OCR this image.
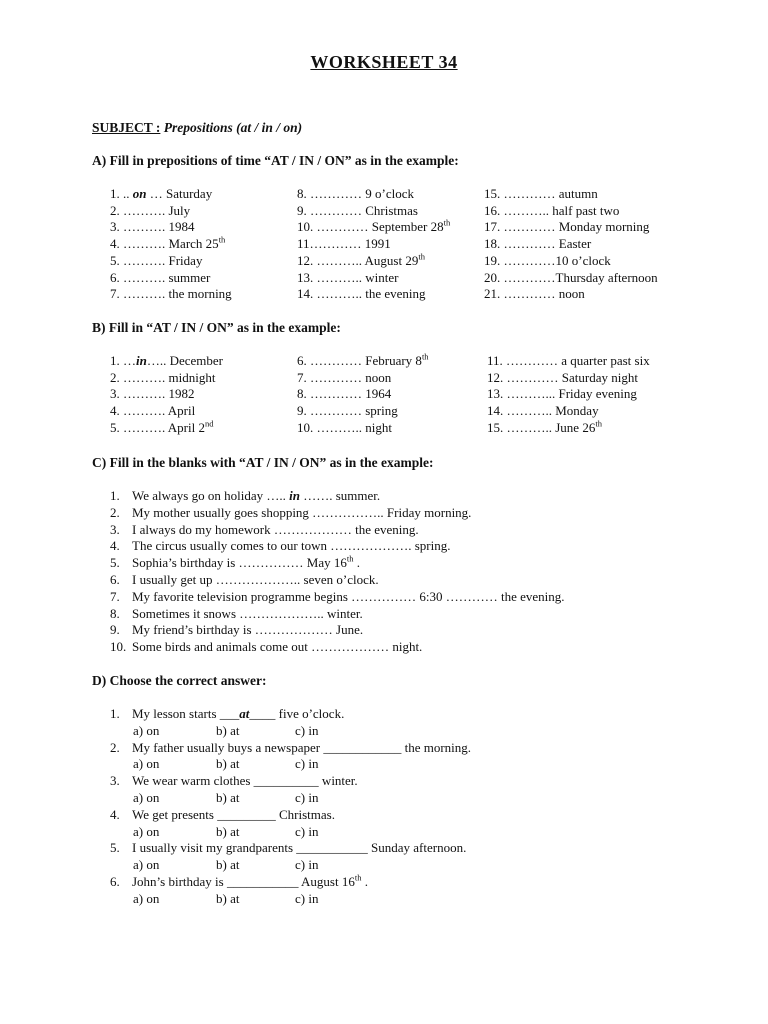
WORKSHEET 34
SUBJECT : Prepositions (at / in / on)
A) Fill in prepositions of time “AT / IN / ON” as in the example:
1. .. on … Saturday
2. ………. July
3. ………. 1984
4. ………. March 25th
5. ………. Friday
6. ………. summer
7. ………. the morning
8. ………… 9 o’clock
9. ………… Christmas
10. ………… September 28th
11………… 1991
12. ……….. August 29th
13. ……….. winter
14. ……….. the evening
15. ………… autumn
16. ……….. half past two
17. ………… Monday morning
18. ………… Easter
19. …………10 o’clock
20. …………Thursday afternoon
21. ………… noon
B) Fill in “AT / IN / ON” as in the example:
1. …in….. December
2. ………. midnight
3. ………. 1982
4. ………. April
5. ………. April 2nd
6. ………… February 8th
7. ………… noon
8. ………… 1964
9. ………… spring
10. ……….. night
11. ………… a quarter past six
12. ………… Saturday night
13. ………... Friday evening
14. ……….. Monday
15. ……….. June 26th
C) Fill in the blanks with “AT / IN / ON” as in the example:
1. We always go on holiday ….. in ……. summer.
2. My mother usually goes shopping …………….. Friday morning.
3. I always do my homework ……………… the evening.
4. The circus usually comes to our town ………………. spring.
5. Sophia’s birthday is …………… May 16th .
6. I usually get up ……………….. seven o’clock.
7. My favorite television programme begins …………… 6:30 ………… the evening.
8. Sometimes it snows ……………….. winter.
9. My friend’s birthday is ……………… June.
10. Some birds and animals come out ……………… night.
D) Choose the correct answer:
1. My lesson starts ___at____ five o’clock.
a) on	b) at	c) in
2. My father usually buys a newspaper ____________ the morning.
a) on	b) at	c) in
3. We wear warm clothes __________ winter.
a) on	b) at	c) in
4. We get presents _________ Christmas.
a) on	b) at	c) in
5. I usually visit my grandparents ___________ Sunday afternoon.
a) on	b) at	c) in
6. John’s birthday is ___________ August 16th .
a) on	b) at	c) in
